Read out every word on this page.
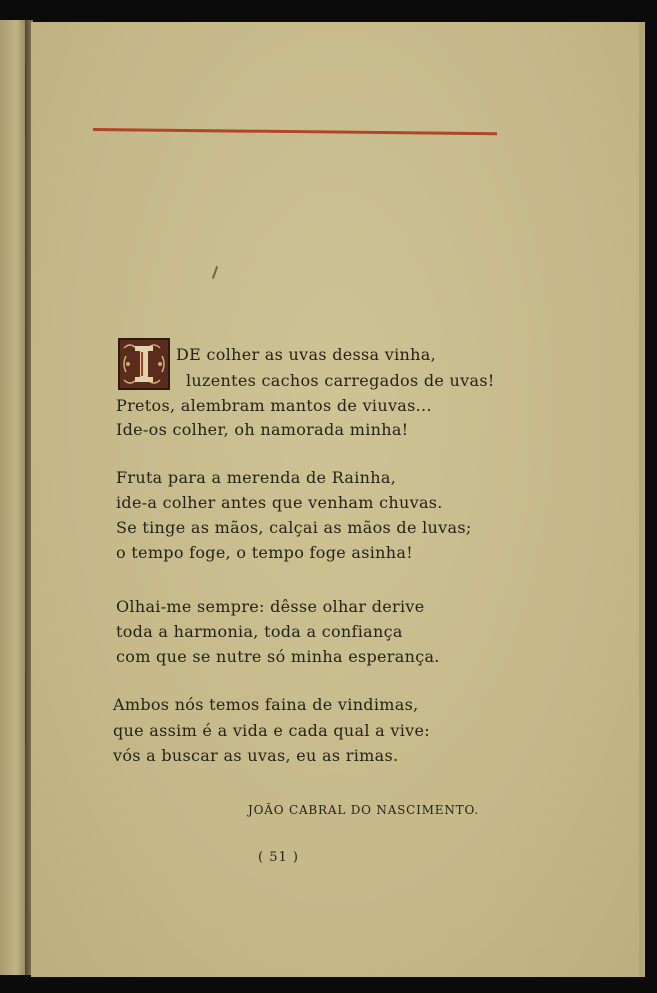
DE colher as uvas dessa vinha,
luzentes cachos carregados de uvas!
Pretos, alembram mantos de viuvas...
Ide-os colher, oh namorada minha!
Fruta para a merenda de Rainha,
ide-a colher antes que venham chuvas.
Se tinge as mãos, calçai as mãos de luvas;
o tempo foge, o tempo foge asinha!
Olhai-me sempre: dêsse olhar derive
toda a harmonia, toda a confiança
com que se nutre só minha esperança.
Ambos nós temos faina de vindimas,
que assim é a vida e cada qual a vive:
vós a buscar as uvas, eu as rimas.
JOÃO CABRAL DO NASCIMENTO.
( 51 )
